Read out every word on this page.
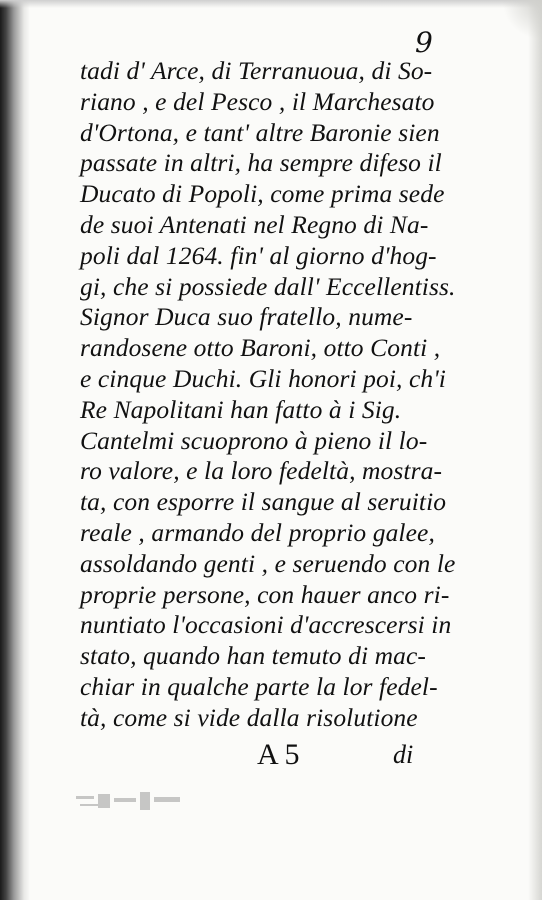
9
tadi d' Arce, di Terranuoua, di So-
riano , e del Pesco , il Marchesato
d'Ortona, e tant' altre Baronie sien
passate in altri, ha sempre difeso il
Ducato di Popoli, come prima sede
de suoi Antenati nel Regno di Na-
poli dal 1264. fin' al giorno d'hog-
gi, che si possiede dall' Eccellentiss.
Signor Duca suo fratello, nume-
randosene otto Baroni, otto Conti ,
e cinque Duchi. Gli honori poi, ch'i
Re Napolitani han fatto à i Sig.
Cantelmi scuoprono à pieno il lo-
ro valore, e la loro fedeltà, mostra-
ta, con esporre il sangue al seruitio
reale , armando del proprio galee,
assoldando genti , e seruendo con le
proprie persone, con hauer anco ri-
nuntiato l'occasioni d'accrescersi in
stato, quando han temuto di mac-
chiar in qualche parte la lor fedel-
tà, come si vide dalla risolutione
A 5	di
